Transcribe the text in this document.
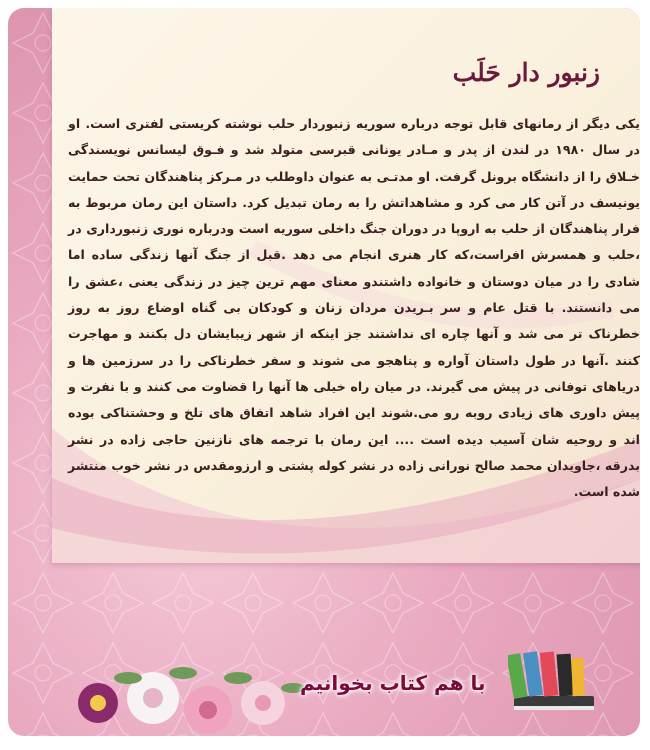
زنبور دار حَلَب
یکی دیگر از رمانهای قابل توجه درباره سوریه زنبوردار حلب نوشته کریستی لفتری است. او در سال ۱۹۸۰ در لندن از پدر و مـادر یونانی قبرسی متولد شد و فـوق لیسانس نویسندگی خـلاق را از دانشگاه برونل گرفت. او مدتـی به عنوان داوطلب در مـرکز پناهندگان تحت حمایت یونیسف در آتن کار می کرد و مشاهداتش را به رمان تبدیل کرد. داستان این رمان مربوط به فرار پناهندگان از حلب به اروپا در دوران جنگ داخلی سوریه است ودرباره نوری زنبورداری در ،حلب و همسرش افراست،که کار هنری انجام می دهد .قبل از جنگ آنها زندگی ساده اما شادی را در میان دوستان و خانواده داشتندو معنای مهم ترین چیز در زندگی یعنی ،عشق را می دانستند. با قتل عام و سر بـریدن مردان زنان و کودکان بی گناه اوضاع روز به روز خطرناک تر می شد و آنها چاره ای نداشتند جز اینکه از شهر زیبایشان دل بکنند و مهاجرت کنند .آنها در طول داستان آواره و پناهجو می شوند و سفر خطرناکی را در سرزمین ها و دریاهای توفانی در پیش می گیرند. در میان راه خیلی ها آنها را قضاوت می کنند و با نفرت و پیش داوری های زیادی روبه رو می.شوند این افراد شاهد اتفاق های تلخ و وحشتناکی بوده اند و روحیه شان آسیب دیده است .... این رمان با ترجمه های نازنین حاجی زاده در نشر بدرقه ،جاویدان محمد صالح نورانی زاده در نشر کوله پشتی و ارزومقدس در نشر خوب منتشر شده است.
با هم کتاب بخوانیم
